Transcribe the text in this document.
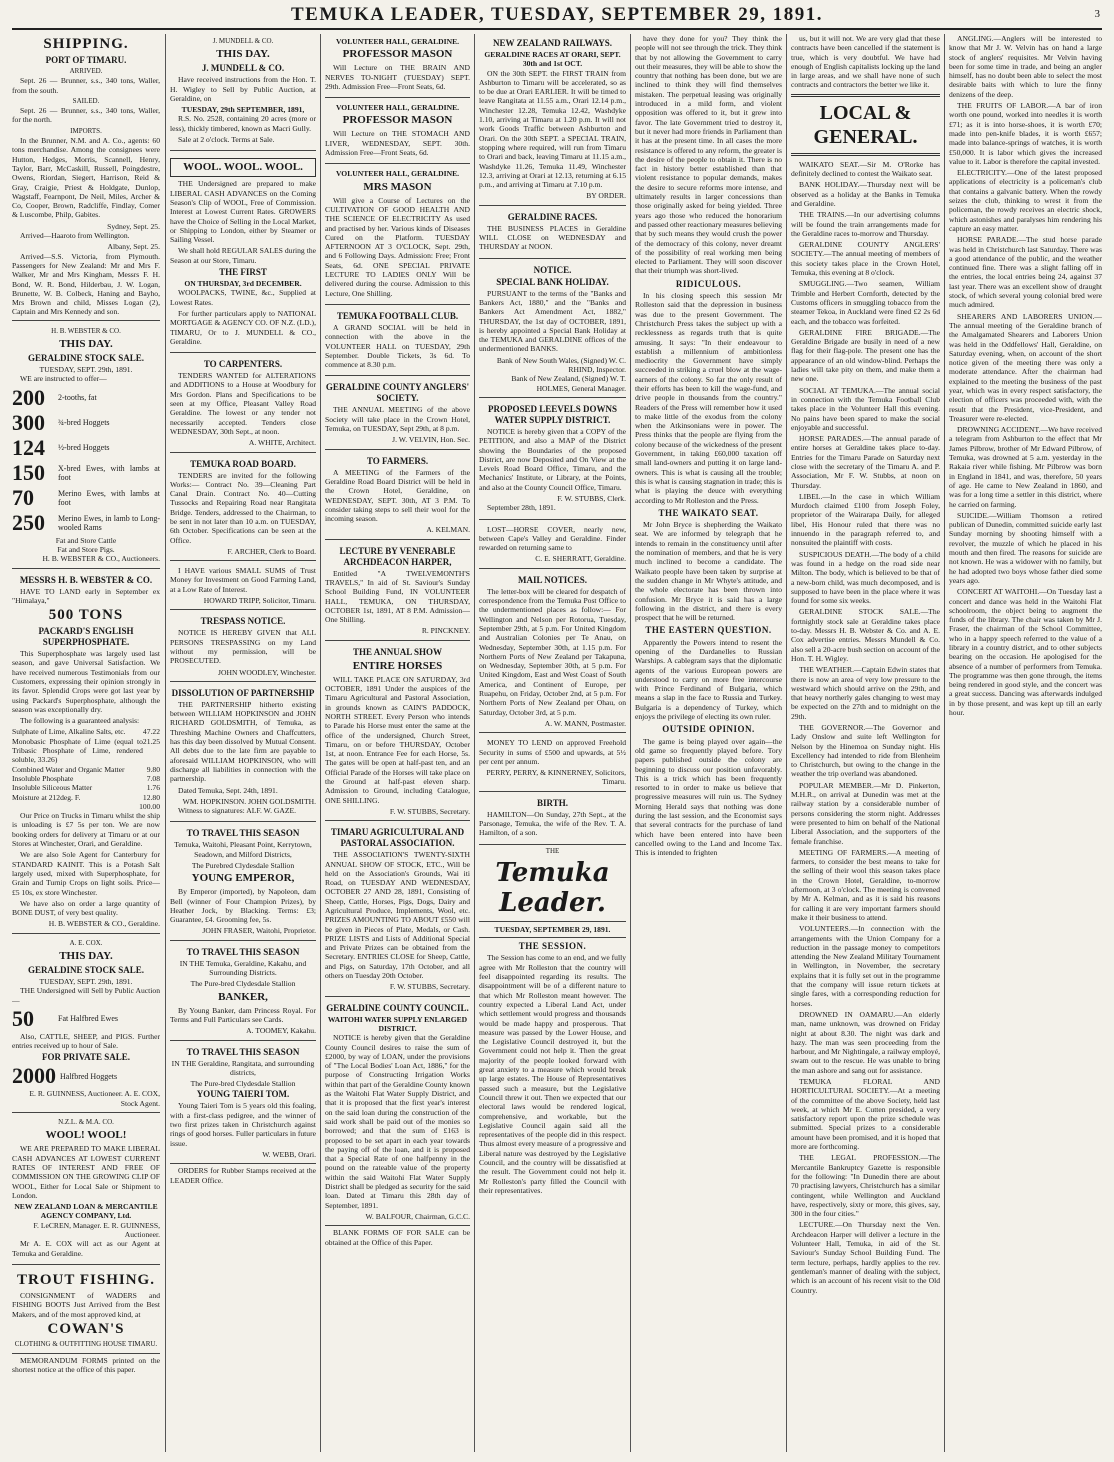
TEMUKA LEADER, TUESDAY, SEPTEMBER 29, 1891.	3
SHIPPING.
PORT OF TIMARU.
ARRIVED.

Sept. 26 — Brunner, s.s., 340 tons, Waller, from the south.

SAILED.

Sept. 26 — Brunner, s.s., 340 tons, Waller, for the north.

IMPORTS.

In the Brunner, N.M. and A. Co., agents: 60 tons merchandise. Among the consignees were Hutton, Hedges, Morris, Scannell, Henry, Taylor, Barr, McCaskill, Russell, Poingdestre, Owens, Riordan, Siegert, Harrison, Reid & Gray, Craigie, Priest & Holdgate, Dunlop, Wagstaff, Fearnpont, De Neil, Miles, Archer & Co, Cooper, Brown, Radcliffe, Findlay, Comer & Luscombe, Philp, Gabites.

Sydney, Sept. 25.

Arrived—Haaroto from Wellington.

Albany, Sept. 25.

Arrived—S.S. Victoria, from Plymouth. Passengers for New Zealand: Mr and Mrs F. Walker, Mr and Mrs Kingham, Messrs F. H. Bond, W. R. Bond, Hilderbau, J. W. Logan, Brunette, W. B. Colbeck, Haning and Bayho, Mrs Brown and child, Misses Logan (2), Captain and Mrs Kennedy and son.

H. B. WEBSTER & CO.
THIS DAY.
GERALDINE STOCK SALE.
TUESDAY, SEPT. 29th, 1891.

WE are instructed to offer—

200	2-tooths, fat
300	¾-bred Hoggets
124	½-bred Hoggets
150	X-bred Ewes, with lambs at foot
70	Merino Ewes, with lambs at foot
250	Merino Ewes, in lamb to Long-wooled Rams
Fat and Store Cattle
Fat and Store Pigs.
H. B. WEBSTER & CO., Auctioneers.
MESSRS H. B. WEBSTER & CO.

HAVE TO LAND early in September ex "Himalaya,"

500 TONS
PACKARD'S ENGLISH SUPERPHOSPHATE.

This Superphosphate was largely used last season, and gave Universal Satisfaction. We have received numerous Testimonials from our Customers, expressing their opinion strongly in its favor. Splendid Crops were got last year by using Packard's Superphosphate, although the season was exceptionally dry.

The following is a guaranteed analysis:

Sulphate of Lime, Alkaline Salts, etc. 47.22
Monobasic Phosphate of Lime (equal to Tribasic Phosphate of Lime, rendered soluble, 33.26)
21.25
Combined Water and Organic Matter	9.80
Insoluble Phosphate	7.08
Insoluble Siliceous Matter	1.76
Moisture at 212deg. F.	12.80
100.00

Our Price on Trucks in Timaru whilst the ship is unloading is £7 5s per ton. We are now booking orders for delivery at Timaru or at our Stores at Winchester, Orari, and Geraldine.

We are also Sole Agent for Canterbury for STANDARD KAINIT. This is a Potash Salt largely used, mixed with Superphosphate, for Grain and Turnip Crops on light soils. Price—£5 10s, ex store Winchester.

We have also on order a large quantity of BONE DUST, of very best quality.

H. B. WEBSTER & CO., Geraldine.
A. E. COX.
THIS DAY.
GERALDINE STOCK SALE.
TUESDAY, SEPT. 29th, 1891.

THE Undersigned will Sell by Public Auction—

50	Fat Halfbred Ewes

Also, CATTLE, SHEEP, and PIGS. Further entries received up to hour of Sale.

FOR PRIVATE SALE.
2000 Halfbred Hoggets
E. R. GUINNESS, Auctioneer. A. E. COX, Stock Agent.
N.Z.L. & M.A. CO.
WOOL! WOOL!

WE ARE PREPARED TO MAKE LIBERAL CASH ADVANCES AT LOWEST CURRENT RATES OF INTEREST AND FREE OF COMMISSION ON THE GROWING CLIP OF WOOL, Either for Local Sale or Shipment to London.

NEW ZEALAND LOAN & MERCANTILE AGENCY COMPANY, Ltd.
F. LeCREN, Manager. E. R. GUINNESS, Auctioneer.

Mr A. E. COX will act as our Agent at Temuka and Geraldine.

TROUT FISHING.

CONSIGNMENT of WADERS and FISHING BOOTS Just Arrived from the Best Makers, and of the most approved kind, at

COWAN'S
CLOTHING & OUTFITTING HOUSE TIMARU.

MEMORANDUM FORMS printed on the shortest notice at the office of this paper.

J. MUNDELL & CO.
THIS DAY.
J. MUNDELL & CO.

Have received instructions from the Hon. T. H. Wigley to Sell by Public Auction, at Geraldine, on

TUESDAY, 29th SEPTEMBER, 1891,

R.S. No. 2528, containing 20 acres (more or less), thickly timbered, known as Macri Gully.

Sale at 2 o'clock. Terms at Sale.

WOOL. WOOL. WOOL.

THE Undersigned are prepared to make LIBERAL CASH ADVANCES on the Coming Season's Clip of WOOL, Free of Commission. Interest at Lowest Current Rates. GROWERS have the Choice of Selling in the Local Market, or Shipping to London, either by Steamer or Sailing Vessel.

We shall hold REGULAR SALES during the Season at our Store, Timaru.

THE FIRST
ON THURSDAY, 3rd DECEMBER.

WOOLPACKS, TWINE, &c., Supplied at Lowest Rates.

For further particulars apply to NATIONAL MORTGAGE & AGENCY CO. OF N.Z. (LD.), TIMARU, Or to J. MUNDELL & CO., Geraldine.

TO CARPENTERS.

TENDERS WANTED for ALTERATIONS and ADDITIONS to a House at Woodbury for Mrs Gordon. Plans and Specifications to be seen at my Office, Pleasant Valley Road Geraldine. The lowest or any tender not necessarily accepted. Tenders close WEDNESDAY, 30th Sept., at noon.

A. WHITE, Architect.
TEMUKA ROAD BOARD.

TENDERS are invited for the following Works:— Contract No. 39—Cleaning Part Canal Drain. Contract No. 40—Cutting Tussocks and Repairing Road near Rangitata Bridge. Tenders, addressed to the Chairman, to be sent in not later than 10 a.m. on TUESDAY, 6th October. Specifications can be seen at the Office.

F. ARCHER, Clerk to Board.

I HAVE various SMALL SUMS of Trust Money for Investment on Good Farming Land, at a Low Rate of Interest.

HOWARD TRIPP, Solicitor, Timaru.
TRESPASS NOTICE.

NOTICE IS HEREBY GIVEN that ALL PERSONS TRESPASSING on my Land without my permission, will be PROSECUTED.

JOHN WOODLEY, Winchester.
DISSOLUTION OF PARTNERSHIP

THE PARTNERSHIP hitherto existing between WILLIAM HOPKINSON and JOHN RICHARD GOLDSMITH, of Temuka, as Threshing Machine Owners and Chaffcutters, has this day been dissolved by Mutual Consent. All debts due to the late firm are payable to aforesaid WILLIAM HOPKINSON, who will discharge all liabilities in connection with the partnership.

Dated Temuka, Sept. 24th, 1891.

WM. HOPKINSON. JOHN GOLDSMITH.

Witness to signatures: ALF. W. GAZE.

TO TRAVEL THIS SEASON

Temuka, Waitohi, Pleasant Point, Kerrytown, Seadown, and Milford Districts,

The Purebred Clydesdale Stallion
YOUNG EMPEROR,

By Emperor (imported), by Napoleon, dam Bell (winner of Four Champion Prizes), by Heather Jock, by Blacking. Terms: £3; Guarantee, £4. Grooming fee, 5s.

JOHN FRASER, Waitohi, Proprietor.
TO TRAVEL THIS SEASON

IN THE Temuka, Geraldine, Kakahu, and Surrounding Districts.

The Pure-bred Clydesdale Stallion
BANKER,

By Young Banker, dam Princess Royal. For Terms and Full Particulars see Cards.

A. TOOMEY, Kakahu.
TO TRAVEL THIS SEASON

IN THE Geraldine, Rangitata, and surrounding districts,

The Pure-bred Clydesdale Stallion
YOUNG TAIERI TOM.

Young Taieri Tom is 5 years old this foaling, with a first-class pedigree, and the winner of two first prizes taken in Christchurch against rings of good horses. Fuller particulars in future issue.

W. WEBB, Orari.

ORDERS for Rubber Stamps received at the LEADER Office.

VOLUNTEER HALL, GERALDINE.
PROFESSOR MASON

Will Lecture on THE BRAIN AND NERVES TO-NIGHT (TUESDAY) SEPT. 29th. Admission Free—Front Seats, 6d.

VOLUNTEER HALL, GERALDINE.
PROFESSOR MASON

Will Lecture on THE STOMACH AND LIVER, WEDNESDAY, SEPT. 30th. Admission Free—Front Seats, 6d.

VOLUNTEER HALL, GERALDINE.
MRS MASON

Will give a Course of Lectures on the CULTIVATION OF GOOD HEALTH AND THE SCIENCE OF ELECTRICITY As used and practised by her. Various kinds of Diseases Cured on the Platform. TUESDAY AFTERNOON AT 3 O'CLOCK, Sept. 29th, and 6 Following Days. Admission: Free; Front Seats, 6d. ONE SPECIAL PRIVATE LECTURE TO LADIES ONLY Will be delivered during the course. Admission to this Lecture, One Shilling.

TEMUKA FOOTBALL CLUB.

A GRAND SOCIAL will be held in connection with the above in the VOLUNTEER HALL on TUESDAY, 29th September. Double Tickets, 3s 6d. To commence at 8.30 p.m.

GERALDINE COUNTY ANGLERS' SOCIETY.

THE ANNUAL MEETING of the above Society will take place in the Crown Hotel, Temuka, on TUESDAY, Sept 29th, at 8 p.m.

J. W. VELVIN, Hon. Sec.
TO FARMERS.

A MEETING of the Farmers of the Geraldine Road Board District will be held in the Crown Hotel, Geraldine, on WEDNESDAY, SEPT. 30th, AT 3 P.M. To consider taking steps to sell their wool for the incoming season.

A. KELMAN.
LECTURE BY VENERABLE ARCHDEACON HARPER,

Entitled "A TWELVEMONTH'S TRAVELS," In aid of St. Saviour's Sunday School Building Fund, IN VOLUNTEER HALL, TEMUKA, ON THURSDAY, OCTOBER 1st, 1891, AT 8 P.M. Admission—One Shilling.

R. PINCKNEY.
THE ANNUAL SHOW
ENTIRE HORSES

WILL TAKE PLACE ON SATURDAY, 3rd OCTOBER, 1891 Under the auspices of the Timaru Agricultural and Pastoral Association, in grounds known as CAIN'S PADDOCK, NORTH STREET. Every Person who intends to Parade his Horse must enter the same at the office of the undersigned, Church Street, Timaru, on or before THURSDAY, October 1st, at noon. Entrance Fee for each Horse, 5s. The gates will be open at half-past ten, and an Official Parade of the Horses will take place on the Ground at half-past eleven sharp. Admission to Ground, including Catalogue, ONE SHILLING.

F. W. STUBBS, Secretary.
TIMARU AGRICULTURAL AND PASTORAL ASSOCIATION.

THE ASSOCIATION'S TWENTY-SIXTH ANNUAL SHOW OF STOCK, ETC., Will be held on the Association's Grounds, Wai iti Road, on TUESDAY AND WEDNESDAY, OCTOBER 27 AND 28, 1891, Consisting of Sheep, Cattle, Horses, Pigs, Dogs, Dairy and Agricultural Produce, Implements, Wool, etc. PRIZES AMOUNTING TO ABOUT £550 will be given in Pieces of Plate, Medals, or Cash. PRIZE LISTS and Lists of Additional Special and Private Prizes can be obtained from the Secretary. ENTRIES CLOSE for Sheep, Cattle, and Pigs, on Saturday, 17th October, and all others on Tuesday 20th October.

F. W. STUBBS, Secretary.
GERALDINE COUNTY COUNCIL.
WAITOHI WATER SUPPLY ENLARGED DISTRICT.

NOTICE is hereby given that the Geraldine County Council desires to raise the sum of £2000, by way of LOAN, under the provisions of "The Local Bodies' Loan Act, 1886," for the purpose of Constructing Irrigation Works within that part of the Geraldine County known as the Waitohi Flat Water Supply District, and that it is proposed that the first year's interest on the said loan during the construction of the said work shall be paid out of the monies so borrowed; and that the sum of £163 is proposed to be set apart in each year towards the paying off of the loan, and it is proposed that a Special Rate of one halfpenny in the pound on the rateable value of the property within the said Waitohi Flat Water Supply District shall be pledged as security for the said loan. Dated at Timaru this 28th day of September, 1891.

W. BALFOUR, Chairman, G.C.C.

BLANK FORMS OF FOR SALE can be obtained at the Office of this Paper.

NEW ZEALAND RAILWAYS.
GERALDINE RACES AT ORARI, SEPT. 30th and 1st OCT.

ON the 30th SEPT. the FIRST TRAIN from Ashburton to Timaru will be accelerated, so as to be due at Orari EARLIER. It will be timed to leave Rangitata at 11.55 a.m., Orari 12.14 p.m., Winchester 12.28, Temuka 12.42, Washdyke 1.10, arriving at Timaru at 1.20 p.m. It will not work Goods Traffic between Ashburton and Orari. On the 30th SEPT. a SPECIAL TRAIN, stopping where required, will run from Timaru to Orari and back, leaving Timaru at 11.15 a.m., Washdyke 11.26, Temuka 11.49, Winchester 12.3, arriving at Orari at 12.13, returning at 6.15 p.m., and arriving at Timaru at 7.10 p.m.

BY ORDER.
GERALDINE RACES.

THE BUSINESS PLACES in Geraldine WILL CLOSE on WEDNESDAY and THURSDAY at NOON.

NOTICE.
SPECIAL BANK HOLIDAY.

PURSUANT to the terms of the "Banks and Bankers Act, 1880," and the "Banks and Bankers Act Amendment Act, 1882," THURSDAY, the 1st day of OCTOBER, 1891, is hereby appointed a Special Bank Holiday at the TEMUKA and GERALDINE offices of the undermentioned BANKS.

Bank of New South Wales, (Signed) W. C. RHIND, Inspector.
Bank of New Zealand, (Signed) W. T. HOLMES, General Manager.
PROPOSED LEEVELS DOWNS WATER SUPPLY DISTRICT.

NOTICE is hereby given that a COPY of the PETITION, and also a MAP of the District showing the Boundaries of the proposed District, are now Deposited and On View at the Levels Road Board Office, Timaru, and the Mechanics' Institute, or Library, at the Points, and also at the County Council Office, Timaru.

F. W. STUBBS, Clerk.

September 28th, 1891.

LOST—HORSE COVER, nearly new, between Cape's Valley and Geraldine. Finder rewarded on returning same to

C. E. SHERRATT, Geraldine.
MAIL NOTICES.

The letter-box will be cleared for despatch of correspondence from the Temuka Post Office to the undermentioned places as follow:— For Wellington and Nelson per Rotorua, Tuesday, September 29th, at 5 p.m. For United Kingdom and Australian Colonies per Te Anau, on Wednesday, September 30th, at 1.15 p.m. For Northern Ports of New Zealand per Takapuna, on Wednesday, September 30th, at 5 p.m. For United Kingdom, East and West Coast of South America, and Continent of Europe, per Ruapehu, on Friday, October 2nd, at 5 p.m. For Northern Ports of New Zealand per Ohau, on Saturday, October 3rd, at 5 p.m.

A. W. MANN, Postmaster.

MONEY TO LEND on approved Freehold Security in sums of £500 and upwards, at 5½ per cent per annum.

PERRY, PERRY, & KINNERNEY, Solicitors, Timaru.
BIRTH.

HAMILTON—On Sunday, 27th Sept., at the Parsonage, Temuka, the wife of the Rev. T. A. Hamilton, of a son.

THE
Temuka Leader.
TUESDAY, SEPTEMBER 29, 1891.
THE SESSION.

The Session has come to an end, and we fully agree with Mr Rolleston that the country will feel disappointed regarding its results. The disappointment will be of a different nature to that which Mr Rolleston meant however. The country expected a Liberal Land Act, under which settlement would progress and thousands would be made happy and prosperous. That measure was passed by the Lower House, and the Legislative Council destroyed it, but the Government could not help it. Then the great majority of the people looked forward with great anxiety to a measure which would break up large estates. The House of Representatives passed such a measure, but the Legislative Council threw it out. Then we expected that our electoral laws would be rendered logical, comprehensive, and workable, but the Legislative Council again said all the representatives of the people did in this respect. Thus almost every measure of a progressive and Liberal nature was destroyed by the Legislative Council, and the country will be dissatisfied at the result. The Government could not help it. Mr Rolleston's party filled the Council with their representatives.

have they done for you? They think the people will not see through the trick. They think that by not allowing the Government to carry out their measures, they will be able to show the country that nothing has been done, but we are inclined to think they will find themselves mistaken. The perpetual leasing was originally introduced in a mild form, and violent opposition was offered to it, but it grew into favor. The late Government tried to destroy it, but it never had more friends in Parliament than it has at the present time. In all cases the more resistance is offered to any reform, the greater is the desire of the people to obtain it. There is no fact in history better established than that violent resistance to popular demands, makes the desire to secure reforms more intense, and ultimately results in larger concessions than those originally asked for being yielded. Three years ago those who reduced the honorarium and passed other reactionary measures believing that by such means they would crush the power of the democracy of this colony, never dreamt of the possibility of real working men being elected to Parliament. They will soon discover that their triumph was short-lived.

RIDICULOUS.

In his closing speech this session Mr Rolleston said that the depression in business was due to the present Government. The Christchurch Press takes the subject up with a recklessness as regards truth that is quite amusing. It says: "In their endeavour to establish a millennium of ambitionless mediocrity the Government have simply succeeded in striking a cruel blow at the wage-earners of the colony. So far the only result of their efforts has been to kill the wage-fund, and drive people in thousands from the country." Readers of the Press will remember how it used to make little of the exodus from the colony when the Atkinsonians were in power. The Press thinks that the people are flying from the colony because of the wickedness of the present Government, in taking £60,000 taxation off small land-owners and putting it on large land-owners. This is what is causing all the trouble; this is what is causing stagnation in trade; this is what is playing the deuce with everything according to Mr Rolleston and the Press.

THE WAIKATO SEAT.

Mr John Bryce is shepherding the Waikato seat. We are informed by telegraph that he intends to remain in the constituency until after the nomination of members, and that he is very much inclined to become a candidate. The Waikato people have been taken by surprise at the sudden change in Mr Whyte's attitude, and the whole electorate has been thrown into confusion. Mr Bryce it is said has a large following in the district, and there is every prospect that he will be returned.

THE EASTERN QUESTION.

Apparently the Powers intend to resent the opening of the Dardanelles to Russian Warships. A cablegram says that the diplomatic agents of the various European powers are understood to carry on more free intercourse with Prince Ferdinand of Bulgaria, which means a slap in the face to Russia and Turkey. Bulgaria is a dependency of Turkey, which enjoys the privilege of electing its own ruler.

OUTSIDE OPINION.

The game is being played over again—the old game so frequently played before. Tory papers published outside the colony are beginning to discuss our position unfavorably. This is a trick which has been frequently resorted to in order to make us believe that progressive measures will ruin us. The Sydney Morning Herald says that nothing was done during the last session, and the Economist says that several contracts for the purchase of land which have been entered into have been cancelled owing to the Land and Income Tax. This is intended to frighten

us, but it will not. We are very glad that these contracts have been cancelled if the statement is true, which is very doubtful. We have had enough of English capitalists locking up the land in large areas, and we shall have none of such contracts and contractors the better we like it.

LOCAL & GENERAL.

WAIKATO SEAT.—Sir M. O'Rorke has definitely declined to contest the Waikato seat.

BANK HOLIDAY.—Thursday next will be observed as a holiday at the Banks in Temuka and Geraldine.

THE TRAINS.—In our advertising columns will be found the train arrangements made for the Geraldine races to-morrow and Thursday.

GERALDINE COUNTY ANGLERS' SOCIETY.—The annual meeting of members of this society takes place in the Crown Hotel, Temuka, this evening at 8 o'clock.

SMUGGLING.—Two seamen, William Trimble and Herbert Cornforth, detected by the Customs officers in smuggling tobacco from the steamer Tekoa, in Auckland were fined £2 2s 6d each, and the tobacco was forfeited.

GERALDINE FIRE BRIGADE.—The Geraldine Brigade are busily in need of a new flag for their flag-pole. The present one has the appearance of an old window-blind. Perhaps the ladies will take pity on them, and make them a new one.

SOCIAL AT TEMUKA.—The annual social in connection with the Temuka Football Club takes place in the Volunteer Hall this evening. No pains have been spared to make the social enjoyable and successful.

HORSE PARADES.—The annual parade of entire horses at Geraldine takes place to-day. Entries for the Timaru Parade on Saturday next close with the secretary of the Timaru A. and P. Association, Mr F. W. Stubbs, at noon on Thursday.

LIBEL.—In the case in which William Murdoch claimed £100 from Joseph Foley, proprietor of the Wairarapa Daily, for alleged libel, His Honour ruled that there was no innuendo in the paragraph referred to, and nonsuited the plaintiff with costs.

SUSPICIOUS DEATH.—The body of a child was found in a hedge on the road side near Milton. The body, which is believed to be that of a new-born child, was much decomposed, and is supposed to have been in the place where it was found for some six weeks.

GERALDINE STOCK SALE.—The fortnightly stock sale at Geraldine takes place to-day. Messrs H. B. Webster & Co. and A. E. Cox advertise entries. Messrs Mundell & Co. also sell a 20-acre bush section on account of the Hon. T. H. Wigley.

THE WEATHER.—Captain Edwin states that there is now an area of very low pressure to the westward which should arrive on the 29th, and that heavy northerly gales changing to west may be expected on the 27th and to midnight on the 29th.

THE GOVERNOR.—The Governor and Lady Onslow and suite left Wellington for Nelson by the Hinemoa on Sunday night. His Excellency had intended to ride from Blenheim to Christchurch, but owing to the change in the weather the trip overland was abandoned.

POPULAR MEMBER.—Mr D. Pinkerton, M.H.R., on arrival at Dunedin was met at the railway station by a considerable number of persons considering the storm night. Addresses were presented to him on behalf of the National Liberal Association, and the supporters of the female franchise.

MEETING OF FARMERS.—A meeting of farmers, to consider the best means to take for the selling of their wool this season takes place in the Crown Hotel, Geraldine, to-morrow afternoon, at 3 o'clock. The meeting is convened by Mr A. Kelman, and as it is said his reasons for calling it are very important farmers should make it their business to attend.

VOLUNTEERS.—In connection with the arrangements with the Union Company for a reduction in the passage money to competitors attending the New Zealand Military Tournament in Wellington, in November, the secretary explains that it is fully set out in the programme that the company will issue return tickets at single fares, with a corresponding reduction for horses.

DROWNED IN OAMARU.—An elderly man, name unknown, was drowned on Friday night at about 8.30. The night was dark and hazy. The man was seen proceeding from the harbour, and Mr Nightingale, a railway employé, swam out to the rescue. He was unable to bring the man ashore and sang out for assistance.

TEMUKA FLORAL AND HORTICULTURAL SOCIETY.—At a meeting of the committee of the above Society, held last week, at which Mr E. Cutten presided, a very satisfactory report upon the prize schedule was submitted. Special prizes to a considerable amount have been promised, and it is hoped that more are forthcoming.

THE LEGAL PROFESSION.—The Mercantile Bankruptcy Gazette is responsible for the following: "In Dunedin there are about 70 practising lawyers, Christchurch has a similar contingent, while Wellington and Auckland have, respectively, sixty or more, this gives, say, 300 in the four cities."

LECTURE.—On Thursday next the Ven. Archdeacon Harper will deliver a lecture in the Volunteer Hall, Temuka, in aid of the St. Saviour's Sunday School Building Fund. The term lecture, perhaps, hardly applies to the rev. gentleman's manner of dealing with the subject, which is an account of his recent visit to the Old Country.

ANGLING.—Anglers will be interested to know that Mr J. W. Velvin has on hand a large stock of anglers' requisites. Mr Velvin having been for some time in trade, and being an angler himself, has no doubt been able to select the most desirable baits with which to lure the finny denizens of the deep.

THE FRUITS OF LABOR.—A bar of iron worth one pound, worked into needles it is worth £71; as it is into horse-shoes, it is worth £70; made into pen-knife blades, it is worth £657; made into balance-springs of watches, it is worth £50,000. It is labor which gives the increased value to it. Labor is therefore the capital invested.

ELECTRICITY.—One of the latest proposed applications of electricity is a policeman's club that contains a galvanic battery. When the rowdy seizes the club, thinking to wrest it from the policeman, the rowdy receives an electric shock, which astonishes and paralyses him rendering his capture an easy matter.

HORSE PARADE.—The stud horse parade was held in Christchurch last Saturday. There was a good attendance of the public, and the weather continued fine. There was a slight falling off in the entries, the local entries being 24, against 37 last year. There was an excellent show of draught stock, of which several young colonial bred were much admired.

SHEARERS AND LABORERS UNION.—The annual meeting of the Geraldine branch of the Amalgamated Shearers and Laborers Union was held in the Oddfellows' Hall, Geraldine, on Saturday evening, when, on account of the short notice given of the meeting there was only a moderate attendance. After the chairman had explained to the meeting the business of the past year, which was in every respect satisfactory, the election of officers was proceeded with, with the result that the President, vice-President, and Treasurer were re-elected.

DROWNING ACCIDENT.—We have received a telegram from Ashburton to the effect that Mr James Pilbrow, brother of Mr Edward Pilbrow, of Temuka, was drowned at 5 a.m. yesterday in the Rakaia river while fishing. Mr Pilbrow was born in England in 1841, and was, therefore, 50 years of age. He came to New Zealand in 1860, and was for a long time a settler in this district, where he carried on farming.

SUICIDE.—William Thomson a retired publican of Dunedin, committed suicide early last Sunday morning by shooting himself with a revolver, the muzzle of which he placed in his mouth and then fired. The reasons for suicide are not known. He was a widower with no family, but he had adopted two boys whose father died some years ago.

CONCERT AT WAITOHI.—On Tuesday last a concert and dance was held in the Waitohi Flat schoolroom, the object being to augment the funds of the library. The chair was taken by Mr J. Fraser, the chairman of the School Committee, who in a happy speech referred to the value of a library in a country district, and to other subjects bearing on the occasion. He apologised for the absence of a number of performers from Temuka. The programme was then gone through, the items being rendered in good style, and the concert was a great success. Dancing was afterwards indulged in by those present, and was kept up till an early hour.
